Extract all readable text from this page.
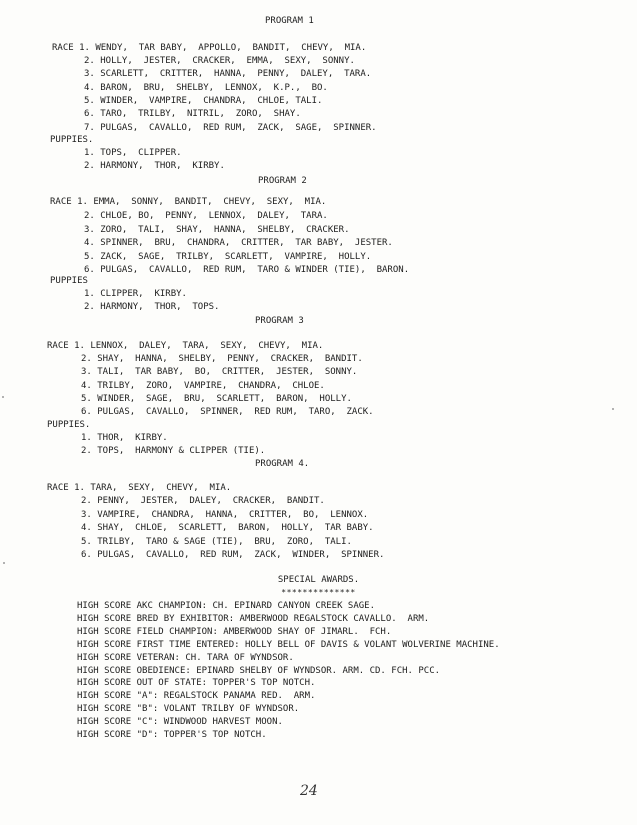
24
PROGRAM 1
RACE 1. WENDY,  TAR BABY,  APPOLLO,  BANDIT,  CHEVY,  MIA.
2. HOLLY,  JESTER,  CRACKER,  EMMA,  SEXY,  SONNY.
3. SCARLETT,  CRITTER,  HANNA,  PENNY,  DALEY,  TARA.
4. BARON,  BRU,  SHELBY,  LENNOX,  K.P.,  BO.
5. WINDER,  VAMPIRE,  CHANDRA,  CHLOE, TALI.
6. TARO,  TRILBY,  NITRIL,  ZORO,  SHAY.
7. PULGAS,  CAVALLO,  RED RUM,  ZACK,  SAGE,  SPINNER.
PUPPIES.
1. TOPS,  CLIPPER.
2. HARMONY,  THOR,  KIRBY.
PROGRAM 2
RACE 1. EMMA,  SONNY,  BANDIT,  CHEVY,  SEXY,  MIA.
2. CHLOE, BO,  PENNY,  LENNOX,  DALEY,  TARA.
3. ZORO,  TALI,  SHAY,  HANNA,  SHELBY,  CRACKER.
4. SPINNER,  BRU,  CHANDRA,  CRITTER,  TAR BABY,  JESTER.
5. ZACK,  SAGE,  TRILBY,  SCARLETT,  VAMPIRE,  HOLLY.
6. PULGAS,  CAVALLO,  RED RUM,  TARO & WINDER (TIE),  BARON.
PUPPIES
1. CLIPPER,  KIRBY.
2. HARMONY,  THOR,  TOPS.
PROGRAM 3
RACE 1. LENNOX,  DALEY,  TARA,  SEXY,  CHEVY,  MIA.
2. SHAY,  HANNA,  SHELBY,  PENNY,  CRACKER,  BANDIT.
3. TALI,  TAR BABY,  BO,  CRITTER,  JESTER,  SONNY.
4. TRILBY,  ZORO,  VAMPIRE,  CHANDRA,  CHLOE.
5. WINDER,  SAGE,  BRU,  SCARLETT,  BARON,  HOLLY.
6. PULGAS,  CAVALLO,  SPINNER,  RED RUM,  TARO,  ZACK.
PUPPIES.
1. THOR,  KIRBY.
2. TOPS,  HARMONY & CLIPPER (TIE).
PROGRAM 4.
RACE 1. TARA,  SEXY,  CHEVY,  MIA.
2. PENNY,  JESTER,  DALEY,  CRACKER,  BANDIT.
3. VAMPIRE,  CHANDRA,  HANNA,  CRITTER,  BO,  LENNOX.
4. SHAY,  CHLOE,  SCARLETT,  BARON,  HOLLY,  TAR BABY.
5. TRILBY,  TARO & SAGE (TIE),  BRU,  ZORO,  TALI.
6. PULGAS,  CAVALLO,  RED RUM,  ZACK,  WINDER,  SPINNER.
SPECIAL AWARDS.
**************
HIGH SCORE AKC CHAMPION: CH. EPINARD CANYON CREEK SAGE.
HIGH SCORE BRED BY EXHIBITOR: AMBERWOOD REGALSTOCK CAVALLO.  ARM.
HIGH SCORE FIELD CHAMPION: AMBERWOOD SHAY OF JIMARL.  FCH.
HIGH SCORE FIRST TIME ENTERED: HOLLY BELL OF DAVIS & VOLANT WOLVERINE MACHINE.
HIGH SCORE VETERAN: CH. TARA OF WYNDSOR.
HIGH SCORE OBEDIENCE: EPINARD SHELBY OF WYNDSOR. ARM. CD. FCH. PCC.
HIGH SCORE OUT OF STATE: TOPPER'S TOP NOTCH.
HIGH SCORE "A": REGALSTOCK PANAMA RED.  ARM.
HIGH SCORE "B": VOLANT TRILBY OF WYNDSOR.
HIGH SCORE "C": WINDWOOD HARVEST MOON.
HIGH SCORE "D": TOPPER'S TOP NOTCH.
